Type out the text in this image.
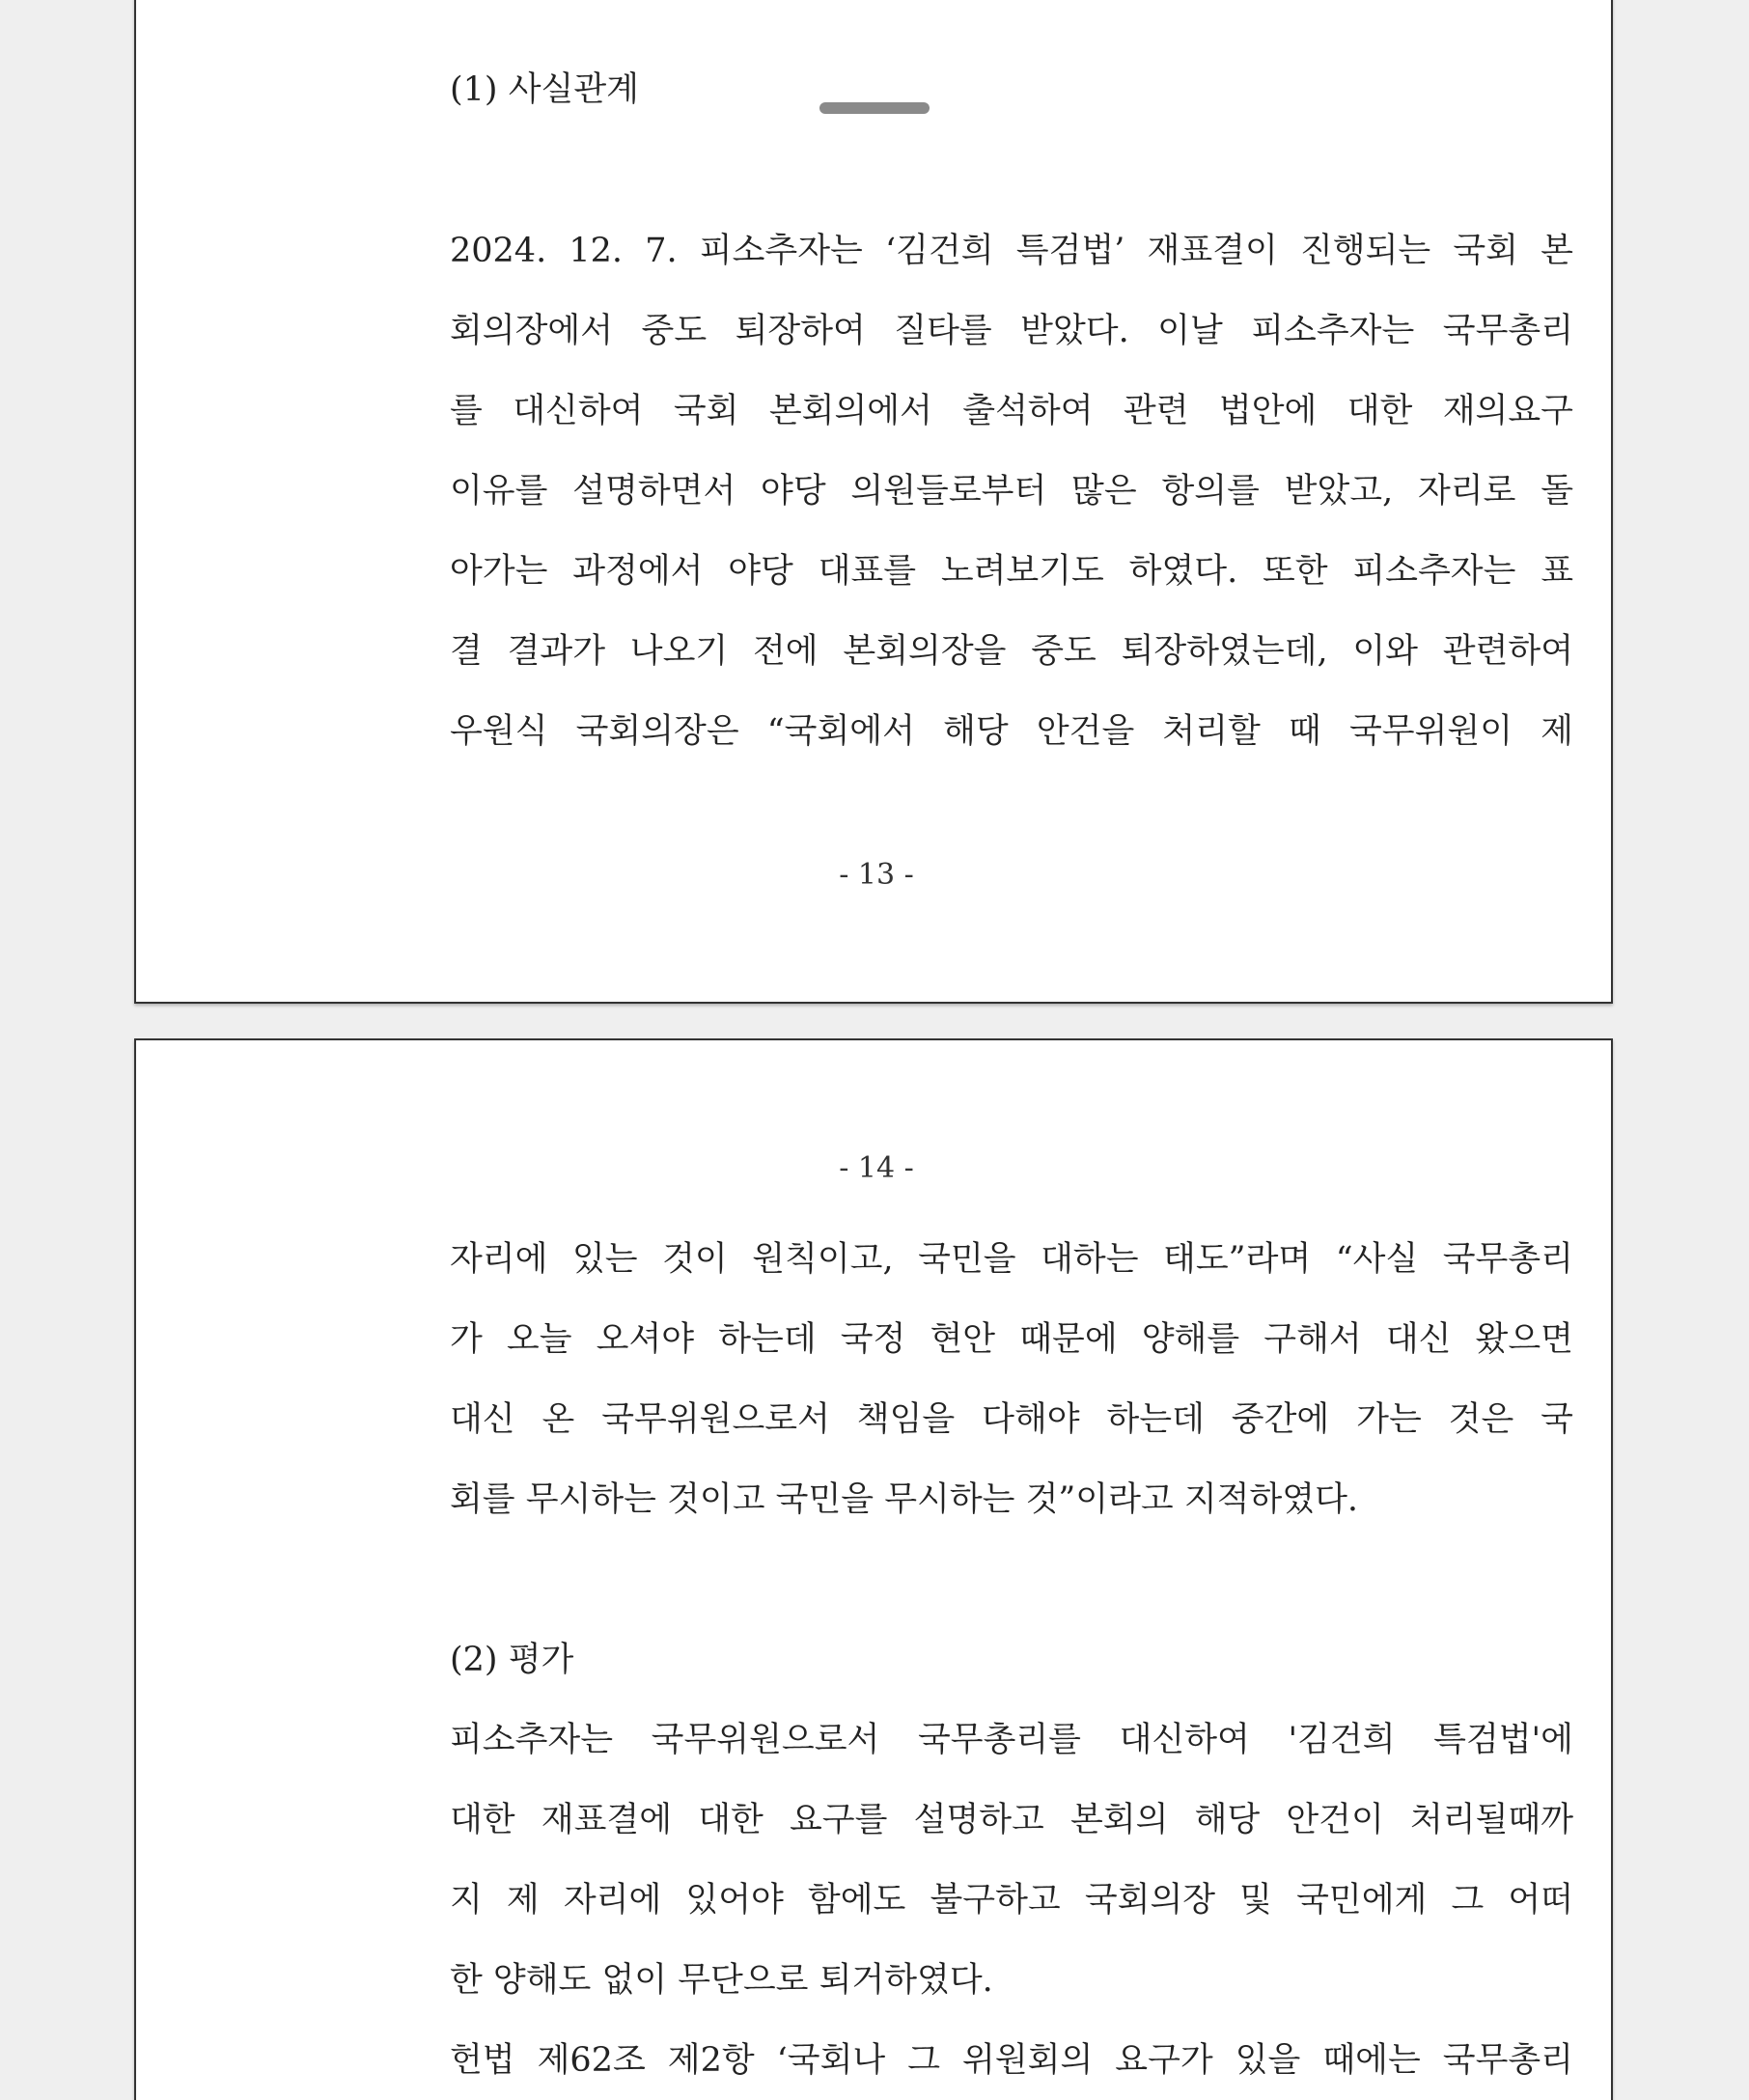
(1) 사실관계
2024. 12. 7. 피소추자는 ‘김건희 특검법’ 재표결이 진행되는 국회 본
회의장에서 중도 퇴장하여 질타를 받았다. 이날 피소추자는 국무총리
를 대신하여 국회 본회의에서 출석하여 관련 법안에 대한 재의요구
이유를 설명하면서 야당 의원들로부터 많은 항의를 받았고, 자리로 돌
아가는 과정에서 야당 대표를 노려보기도 하였다. 또한 피소추자는 표
결 결과가 나오기 전에 본회의장을 중도 퇴장하였는데, 이와 관련하여
우원식 국회의장은 “국회에서 해당 안건을 처리할 때 국무위원이 제
- 13 -
- 14 -
자리에 있는 것이 원칙이고, 국민을 대하는 태도”라며 “사실 국무총리
가 오늘 오셔야 하는데 국정 현안 때문에 양해를 구해서 대신 왔으면
대신 온 국무위원으로서 책임을 다해야 하는데 중간에 가는 것은 국
회를 무시하는 것이고 국민을 무시하는 것”이라고 지적하였다.
(2) 평가
피소추자는 국무위원으로서 국무총리를 대신하여 '김건희 특검법'에
대한 재표결에 대한 요구를 설명하고 본회의 해당 안건이 처리될때까
지 제 자리에 있어야 함에도 불구하고 국회의장 및 국민에게 그 어떠
한 양해도 없이 무단으로 퇴거하였다.
헌법 제62조 제2항 ‘국회나 그 위원회의 요구가 있을 때에는 국무총리
